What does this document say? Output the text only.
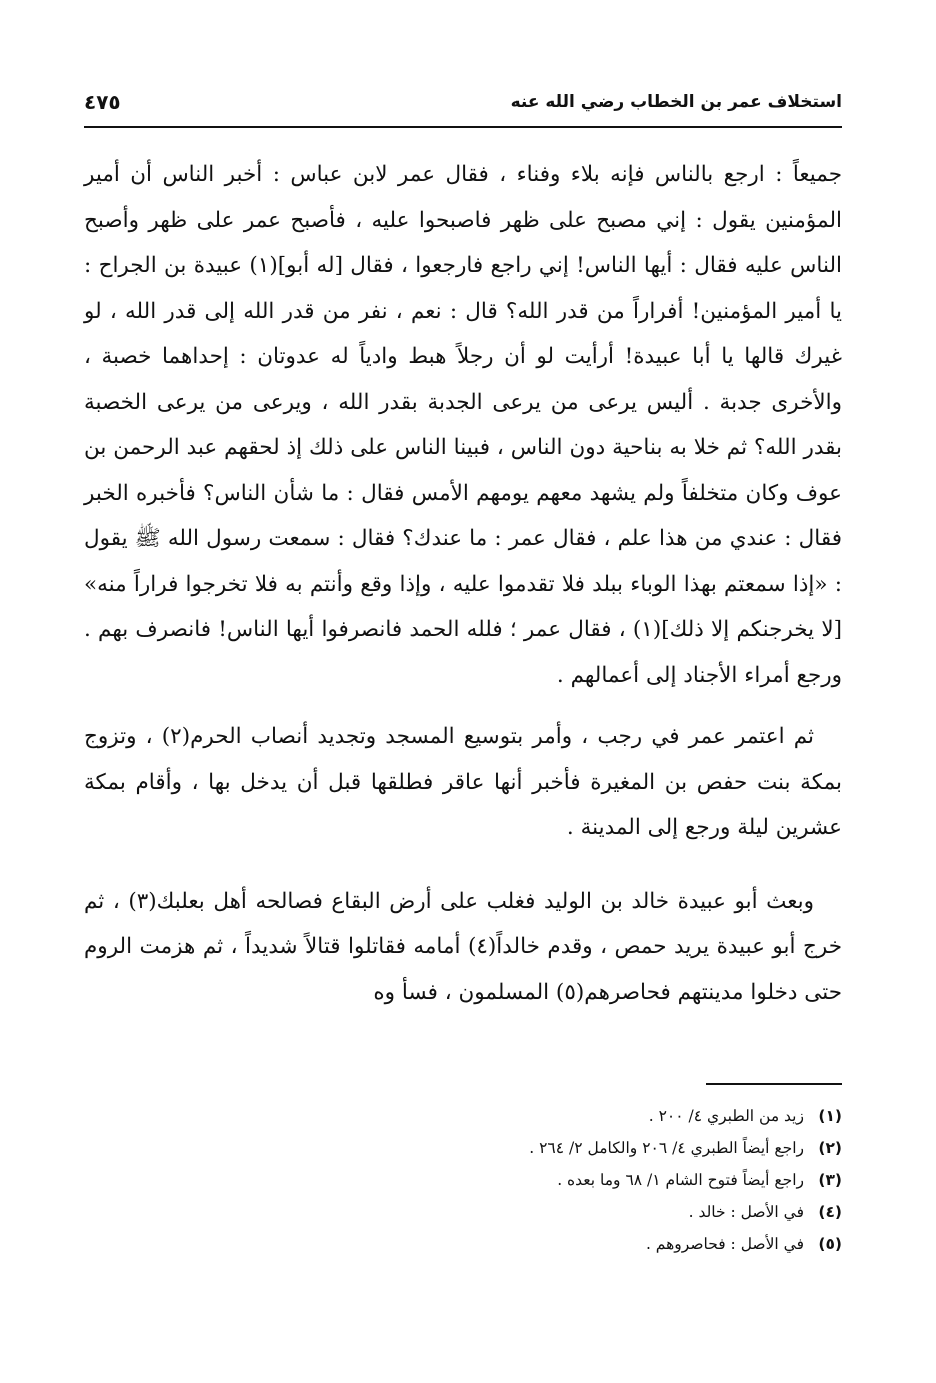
استخلاف عمر بن الخطاب رضي الله عنه
٤٧٥

جميعاً : ارجع بالناس فإنه بلاء وفناء ، فقال عمر لابن عباس : أخبر الناس أن أمير المؤمنين يقول : إني مصبح على ظهر فاصبحوا عليه ، فأصبح عمر على ظهر وأصبح الناس عليه فقال : أيها الناس! إني راجع فارجعوا ، فقال [له أبو](١) عبيدة بن الجراح : يا أمير المؤمنين! أفراراً من قدر الله؟ قال : نعم ، نفر من قدر الله إلى قدر الله ، لو غيرك قالها يا أبا عبيدة! أرأيت لو أن رجلاً هبط وادياً له عدوتان : إحداهما خصبة ، والأخرى جدبة . أليس يرعى من يرعى الجدبة بقدر الله ، ويرعى من يرعى الخصبة بقدر الله؟ ثم خلا به بناحية دون الناس ، فبينا الناس على ذلك إذ لحقهم عبد الرحمن بن عوف وكان متخلفاً ولم يشهد معهم يومهم الأمس فقال : ما شأن الناس؟ فأخبره الخبر فقال : عندي من هذا علم ، فقال عمر : ما عندك؟ فقال : سمعت رسول الله ﷺ يقول : «إذا سمعتم بهذا الوباء ببلد فلا تقدموا عليه ، وإذا وقع وأنتم به فلا تخرجوا فراراً منه» [لا يخرجنكم إلا ذلك](١) ، فقال عمر ؛ فلله الحمد فانصرفوا أيها الناس! فانصرف بهم . ورجع أمراء الأجناد إلى أعمالهم .

ثم اعتمر عمر في رجب ، وأمر بتوسيع المسجد وتجديد أنصاب الحرم(٢) ، وتزوج بمكة بنت حفص بن المغيرة فأخبر أنها عاقر فطلقها قبل أن يدخل بها ، وأقام بمكة عشرين ليلة ورجع إلى المدينة .

وبعث أبو عبيدة خالد بن الوليد فغلب على أرض البقاع فصالحه أهل بعلبك(٣) ، ثم خرج أبو عبيدة يريد حمص ، وقدم خالداً(٤) أمامه فقاتلوا قتالاً شديداً ، ثم هزمت الروم حتى دخلوا مدينتهم فحاصرهم(٥) المسلمون ، فسأ وه

(١)
زيد من الطبري ٤/ ٢٠٠ .
(٢)
راجع أيضاً الطبري ٤/ ٢٠٦ والكامل ٢/ ٢٦٤ .
(٣)
راجع أيضاً فتوح الشام ١/ ٦٨ وما بعده .
(٤)
في الأصل : خالد .
(٥)
في الأصل : فحاصروهم .
